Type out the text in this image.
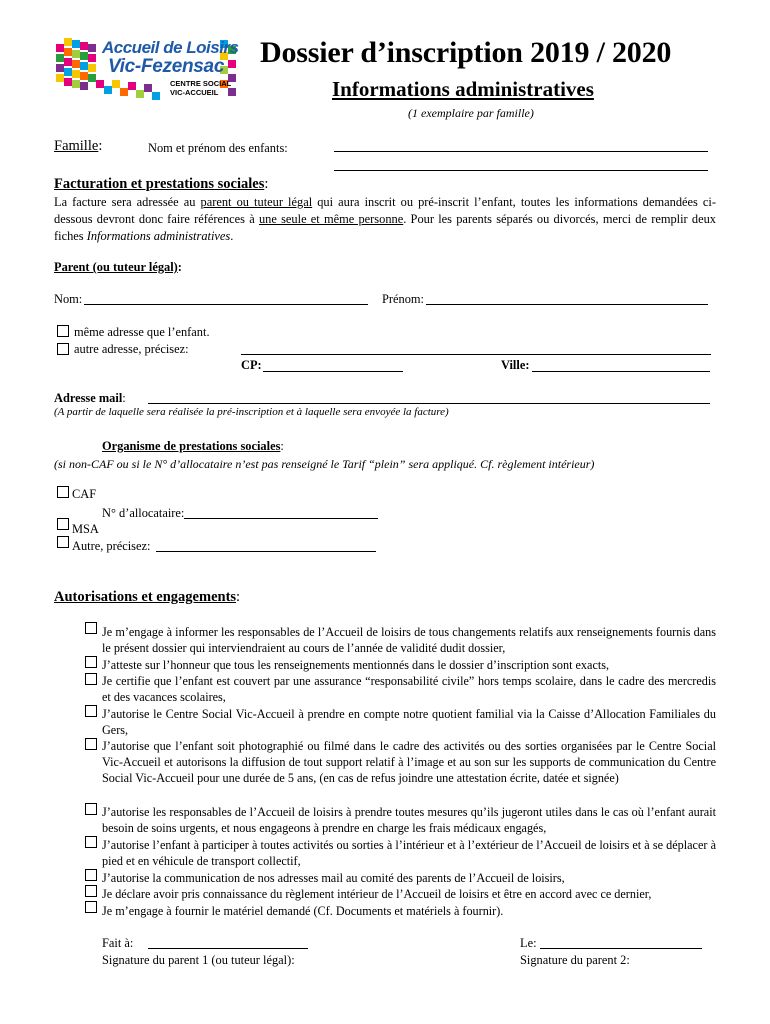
Accueil de Loisirs
Vic-Fezensac
CENTRE SOCIAL
VIC-ACCUEIL
Dossier d’inscription 2019 / 2020
Informations administratives
(1 exemplaire par famille)
Famille:	Nom et prénom des enfants:
Facturation et prestations sociales:
La facture sera adressée au parent ou tuteur légal qui aura inscrit ou pré-inscrit l’enfant, toutes les informations demandées ci-dessous devront donc faire références à une seule et même personne. Pour les parents séparés ou divorcés, merci de remplir deux fiches Informations administratives.
Parent (ou tuteur légal):
Nom:	Prénom:
même adresse que l’enfant.
autre adresse, précisez:
CP:	Ville:
Adresse mail:
(A partir de laquelle sera réalisée la pré-inscription et à laquelle sera envoyée la facture)
Organisme de prestations sociales:
(si non-CAF ou si le N° d’allocataire n’est pas renseigné le Tarif “plein” sera appliqué. Cf. règlement intérieur)
CAF
N° d’allocataire:
MSA
Autre, précisez:
Autorisations et engagements:
Je m’engage à informer les responsables de l’Accueil de loisirs de tous changements relatifs aux renseignements fournis dans le présent dossier qui interviendraient au cours de l’année de validité dudit dossier,
J’atteste sur l’honneur que tous les renseignements mentionnés dans le dossier d’inscription sont exacts,
Je certifie que l’enfant est couvert par une assurance “responsabilité civile” hors temps scolaire, dans le cadre des mercredis et des vacances scolaires,
J’autorise le Centre Social Vic-Accueil à prendre en compte notre quotient familial via la Caisse d’Allocation Familiales du Gers,
J’autorise que l’enfant soit photographié ou filmé dans le cadre des activités ou des sorties organisées par le Centre Social Vic-Accueil et autorisons la diffusion de tout support relatif à l’image et au son sur les supports de communication du Centre Social Vic-Accueil pour une durée de 5 ans, (en cas de refus joindre une attestation écrite, datée et signée)
J’autorise les responsables de l’Accueil de loisirs à prendre toutes mesures qu’ils jugeront utiles dans le cas où l’enfant aurait besoin de soins urgents, et nous engageons à prendre en charge les frais médicaux engagés,
J’autorise l’enfant à participer à toutes activités ou sorties à l’intérieur et à l’extérieur de l’Accueil de loisirs et à se déplacer à pied et en véhicule de transport collectif,
J’autorise la communication de nos adresses mail au comité des parents de l’Accueil de loisirs,
Je déclare avoir pris connaissance du règlement intérieur de l’Accueil de loisirs et être en accord avec ce dernier,
Je m’engage à fournir le matériel demandé (Cf. Documents et matériels à fournir).
Fait à:	Le:
Signature du parent 1 (ou tuteur légal):	Signature du parent 2:
